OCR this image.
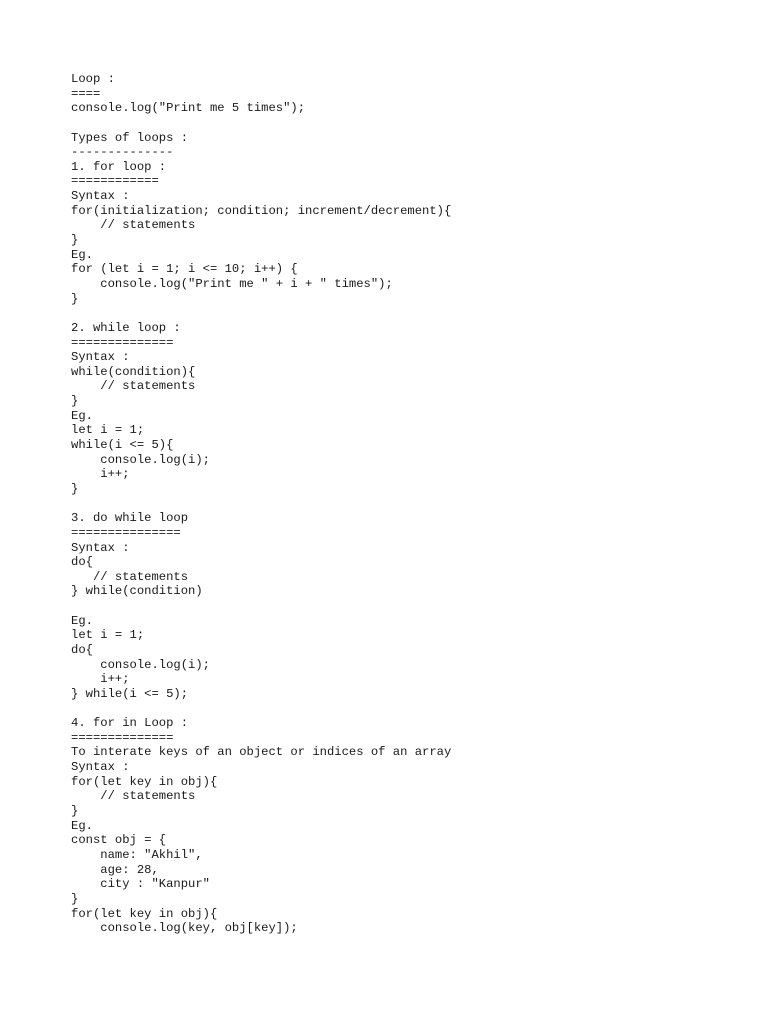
Loop :
====
console.log("Print me 5 times");
Types of loops :
--------------
1. for loop :
============
Syntax :
for(initialization; condition; increment/decrement){
// statements
}
Eg.
for (let i = 1; i <= 10; i++) {
console.log("Print me " + i + " times");
}
2. while loop :
==============
Syntax :
while(condition){
// statements
}
Eg.
let i = 1;
while(i <= 5){
console.log(i);
i++;
}
3. do while loop
===============
Syntax :
do{
// statements
} while(condition)
Eg.
let i = 1;
do{
console.log(i);
i++;
} while(i <= 5);
4. for in Loop :
==============
To interate keys of an object or indices of an array
Syntax :
for(let key in obj){
// statements
}
Eg.
const obj = {
name: "Akhil",
age: 28,
city : "Kanpur"
}
for(let key in obj){
console.log(key, obj[key]);
